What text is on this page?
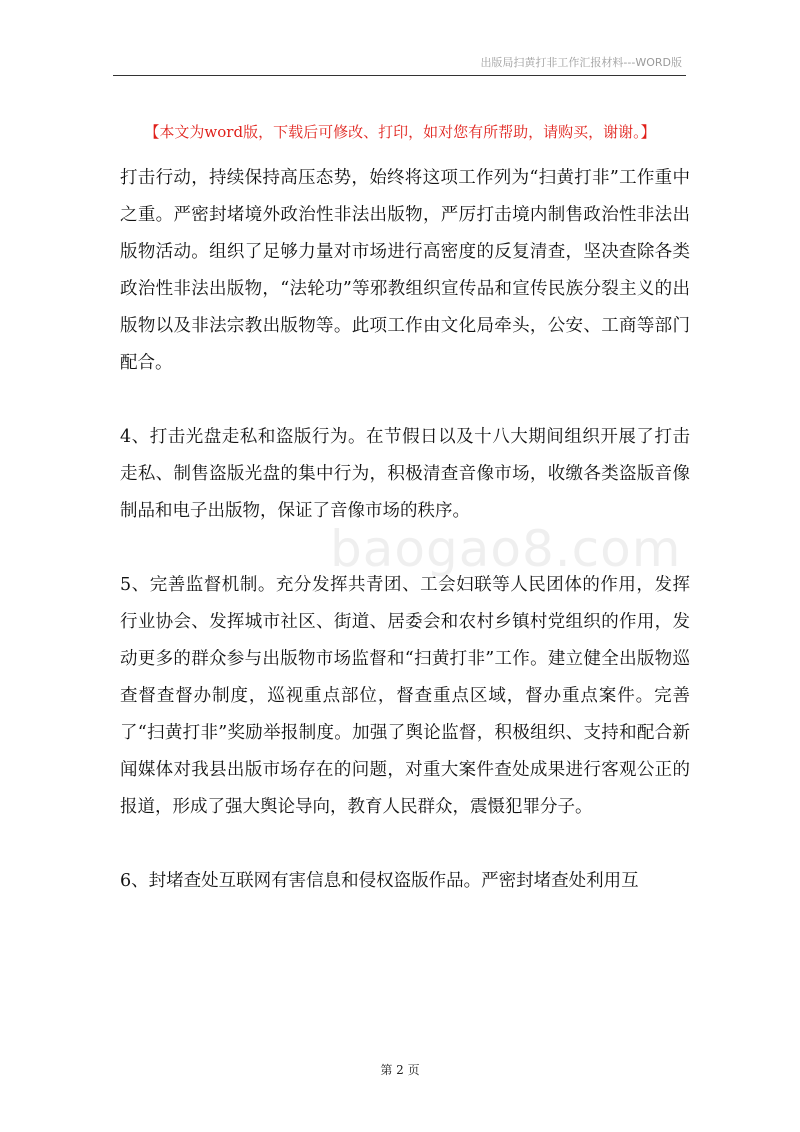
出版局扫黄打非工作汇报材料---WORD版
【本文为word版，下载后可修改、打印，如对您有所帮助，请购买，谢谢。】

打击行动，持续保持高压态势，始终将这项工作列为“扫黄打非”工作重中之重。严密封堵境外政治性非法出版物，严厉打击境内制售政治性非法出版物活动。组织了足够力量对市场进行高密度的反复清查，坚决查除各类政治性非法出版物，“法轮功”等邪教组织宣传品和宣传民族分裂主义的出版物以及非法宗教出版物等。此项工作由文化局牵头，公安、工商等部门配合。

4、打击光盘走私和盗版行为。在节假日以及十八大期间组织开展了打击走私、制售盗版光盘的集中行为，积极清查音像市场，收缴各类盗版音像制品和电子出版物，保证了音像市场的秩序。

5、完善监督机制。充分发挥共青团、工会妇联等人民团体的作用，发挥行业协会、发挥城市社区、街道、居委会和农村乡镇村党组织的作用，发动更多的群众参与出版物市场监督和“扫黄打非”工作。建立健全出版物巡查督查督办制度，巡视重点部位，督查重点区域，督办重点案件。完善了“扫黄打非”奖励举报制度。加强了舆论监督，积极组织、支持和配合新闻媒体对我县出版市场存在的问题，对重大案件查处成果进行客观公正的报道，形成了强大舆论导向，教育人民群众，震慑犯罪分子。

6、封堵查处互联网有害信息和侵权盗版作品。严密封堵查处利用互

baogao8.com
第 2 页
